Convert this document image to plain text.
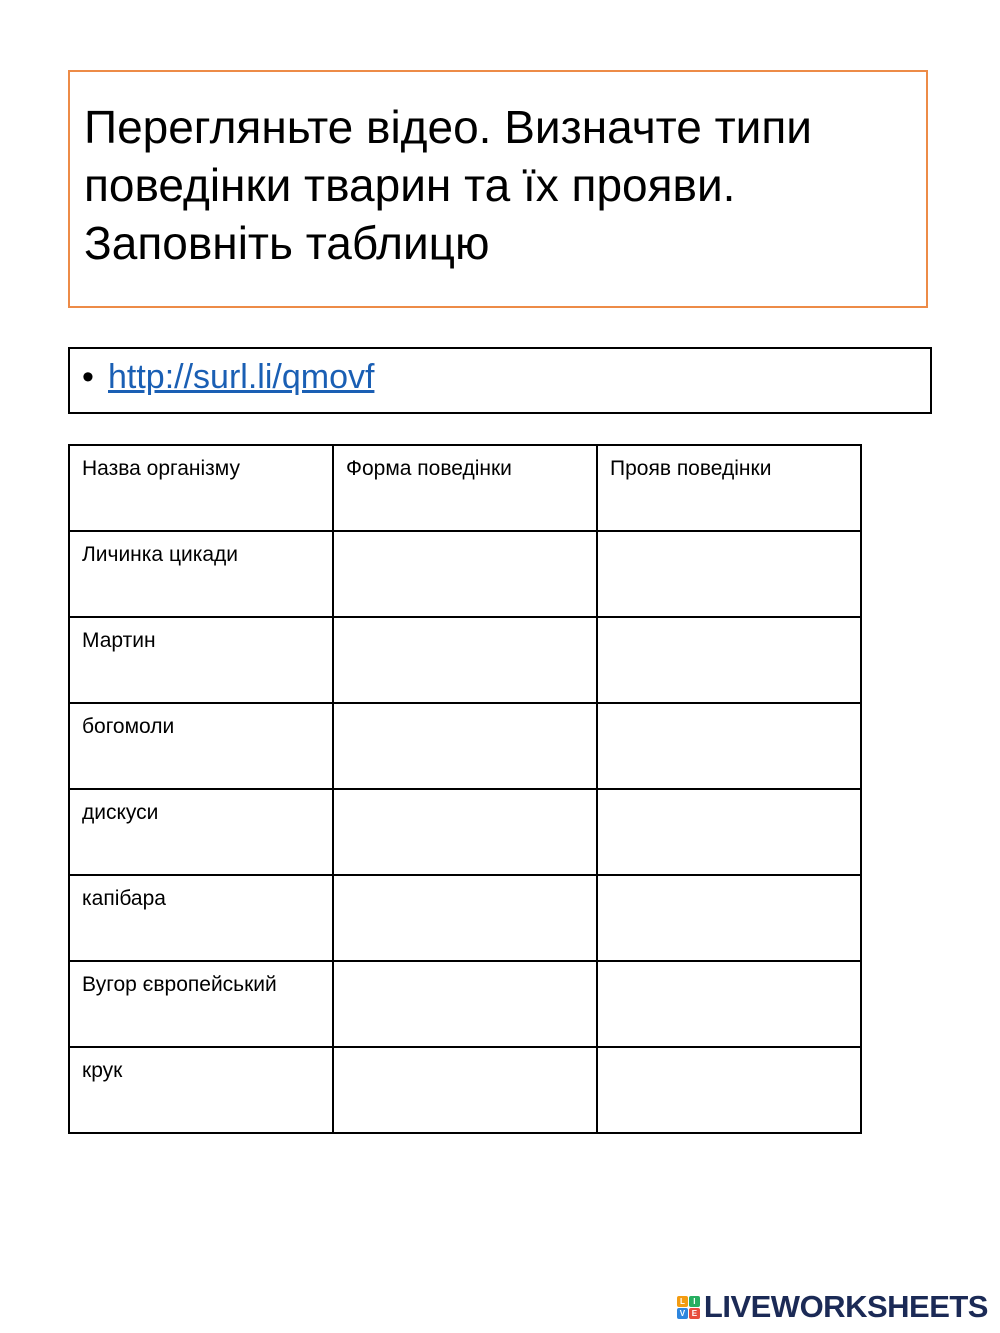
Перегляньте відео. Визначте типи поведінки тварин та їх прояви. Заповніть таблицю

• http://surl.li/qmovf
Назва організму	Форма поведінки	Прояв поведінки
Личинка цикади		
Мартин		
богомоли		
дискуси		
капібара		
Вугор європейський		
крук		
L	I
V E LIVEWORKSHEETS
